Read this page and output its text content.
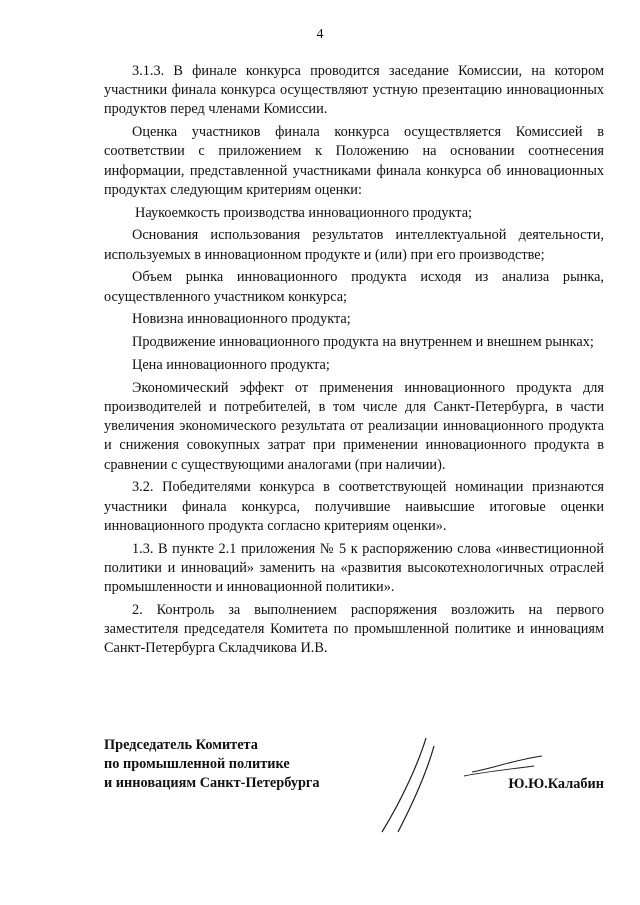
4

3.1.3. В финале конкурса проводится заседание Комиссии, на котором участники финала конкурса осуществляют устную презентацию инновационных продуктов перед членами Комиссии.

Оценка участников финала конкурса осуществляется Комиссией в соответствии с приложением к Положению на основании соотнесения информации, представленной участниками финала конкурса об инновационных продуктах следующим критериям оценки:

Наукоемкость производства инновационного продукта;

Основания использования результатов интеллектуальной деятельности, используемых в инновационном продукте и (или) при его производстве;

Объем рынка инновационного продукта исходя из анализа рынка, осуществленного участником конкурса;

Новизна инновационного продукта;

Продвижение инновационного продукта на внутреннем и внешнем рынках;

Цена инновационного продукта;

Экономический эффект от применения инновационного продукта для производителей и потребителей, в том числе для Санкт-Петербурга, в части увеличения экономического результата от реализации инновационного продукта и снижения совокупных затрат при применении инновационного продукта в сравнении с существующими аналогами (при наличии).

3.2. Победителями конкурса в соответствующей номинации признаются участники финала конкурса, получившие наивысшие итоговые оценки инновационного продукта согласно критериям оценки».

1.3. В пункте 2.1 приложения № 5 к распоряжению слова «инвестиционной политики и инноваций» заменить на «развития высокотехнологичных отраслей промышленности и инновационной политики».

2. Контроль за выполнением распоряжения возложить на первого заместителя председателя Комитета по промышленной политике и инновациям Санкт-Петербурга Складчикова И.В.

Председатель Комитета
по промышленной политике
и инновациям Санкт-Петербурга	Ю.Ю.Калабин
